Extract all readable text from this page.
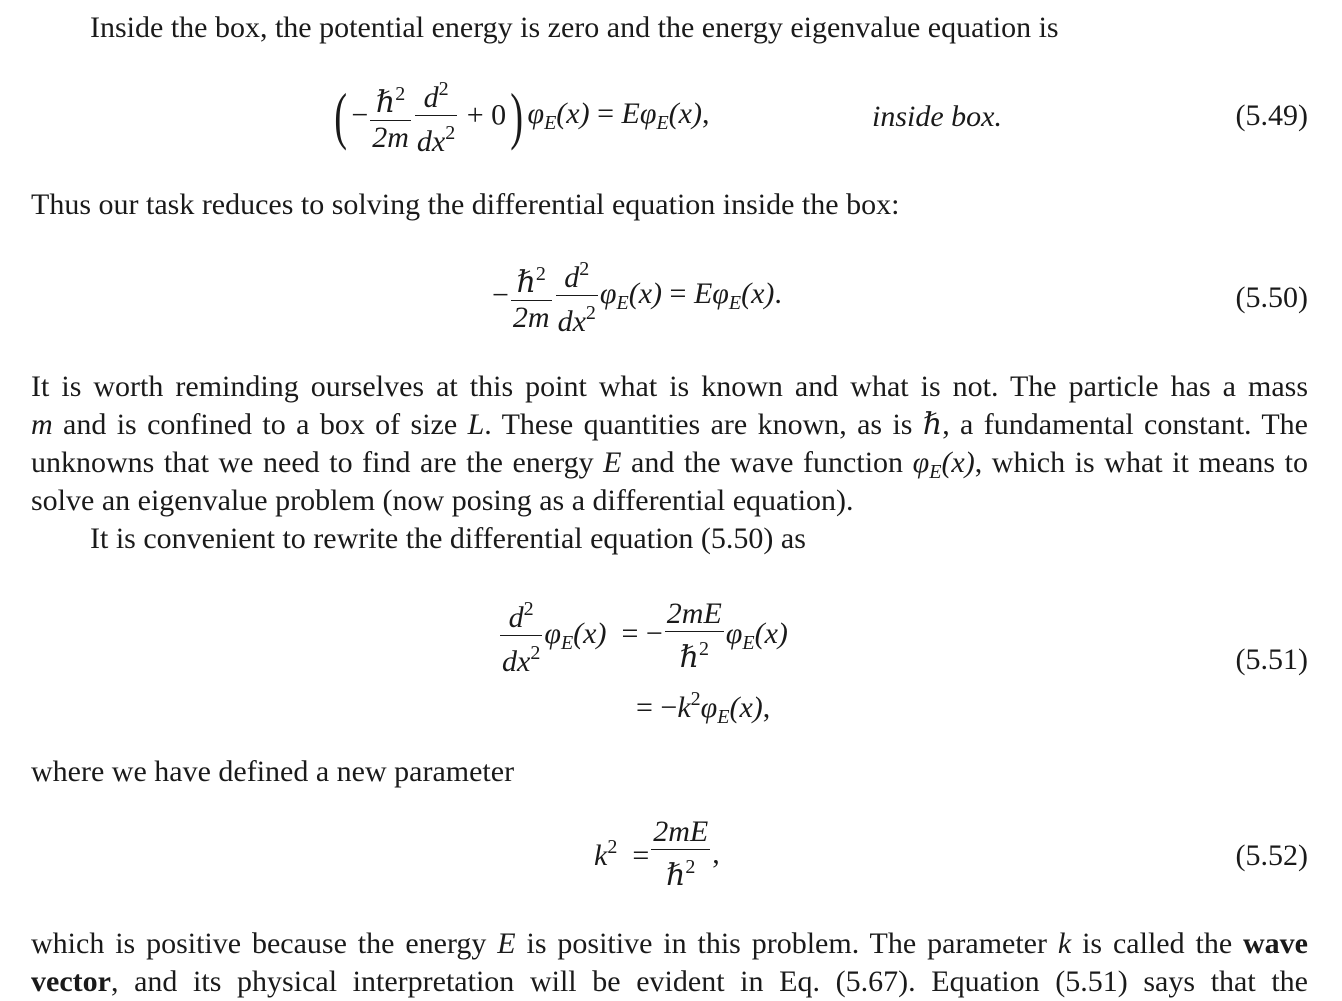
Inside the box, the potential energy is zero and the energy eigenvalue equation is
( − $\frac{\hbar^2}{2m} \frac{d^2}{dx^2} + 0$) $\varphi_E(x) = E\varphi_E(x)$,	inside box.	(5.49)
Thus our task reduces to solving the differential equation inside the box:
− $\frac{\hbar^2}{2m} \frac{d^2}{dx^2} \varphi_E(x) = E\varphi_E(x)$.	(5.50)
It is worth reminding ourselves at this point what is known and what is not. The particle has a mass
m and is confined to a box of size L. These quantities are known, as is ℏ, a fundamental constant. The
unknowns that we need to find are the energy E and the wave function $\varphi_E(x)$, which is what it means to
solve an eigenvalue problem (now posing as a differential equation).
It is convenient to rewrite the differential equation (5.50) as
$\frac{d^2}{dx^2} \varphi_E(x)$ = − $\frac{2mE}{\hbar^2} \varphi_E(x)$
= $-k^2\varphi_E(x)$,
(5.51)
where we have defined a new parameter
$k^2 = \frac{2mE}{\hbar^2}$ ,	(5.52)
which is positive because the energy E is positive in this problem. The parameter k is called the wave
vector, and its physical interpretation will be evident in Eq. (5.67). Equation (5.51) says that the
